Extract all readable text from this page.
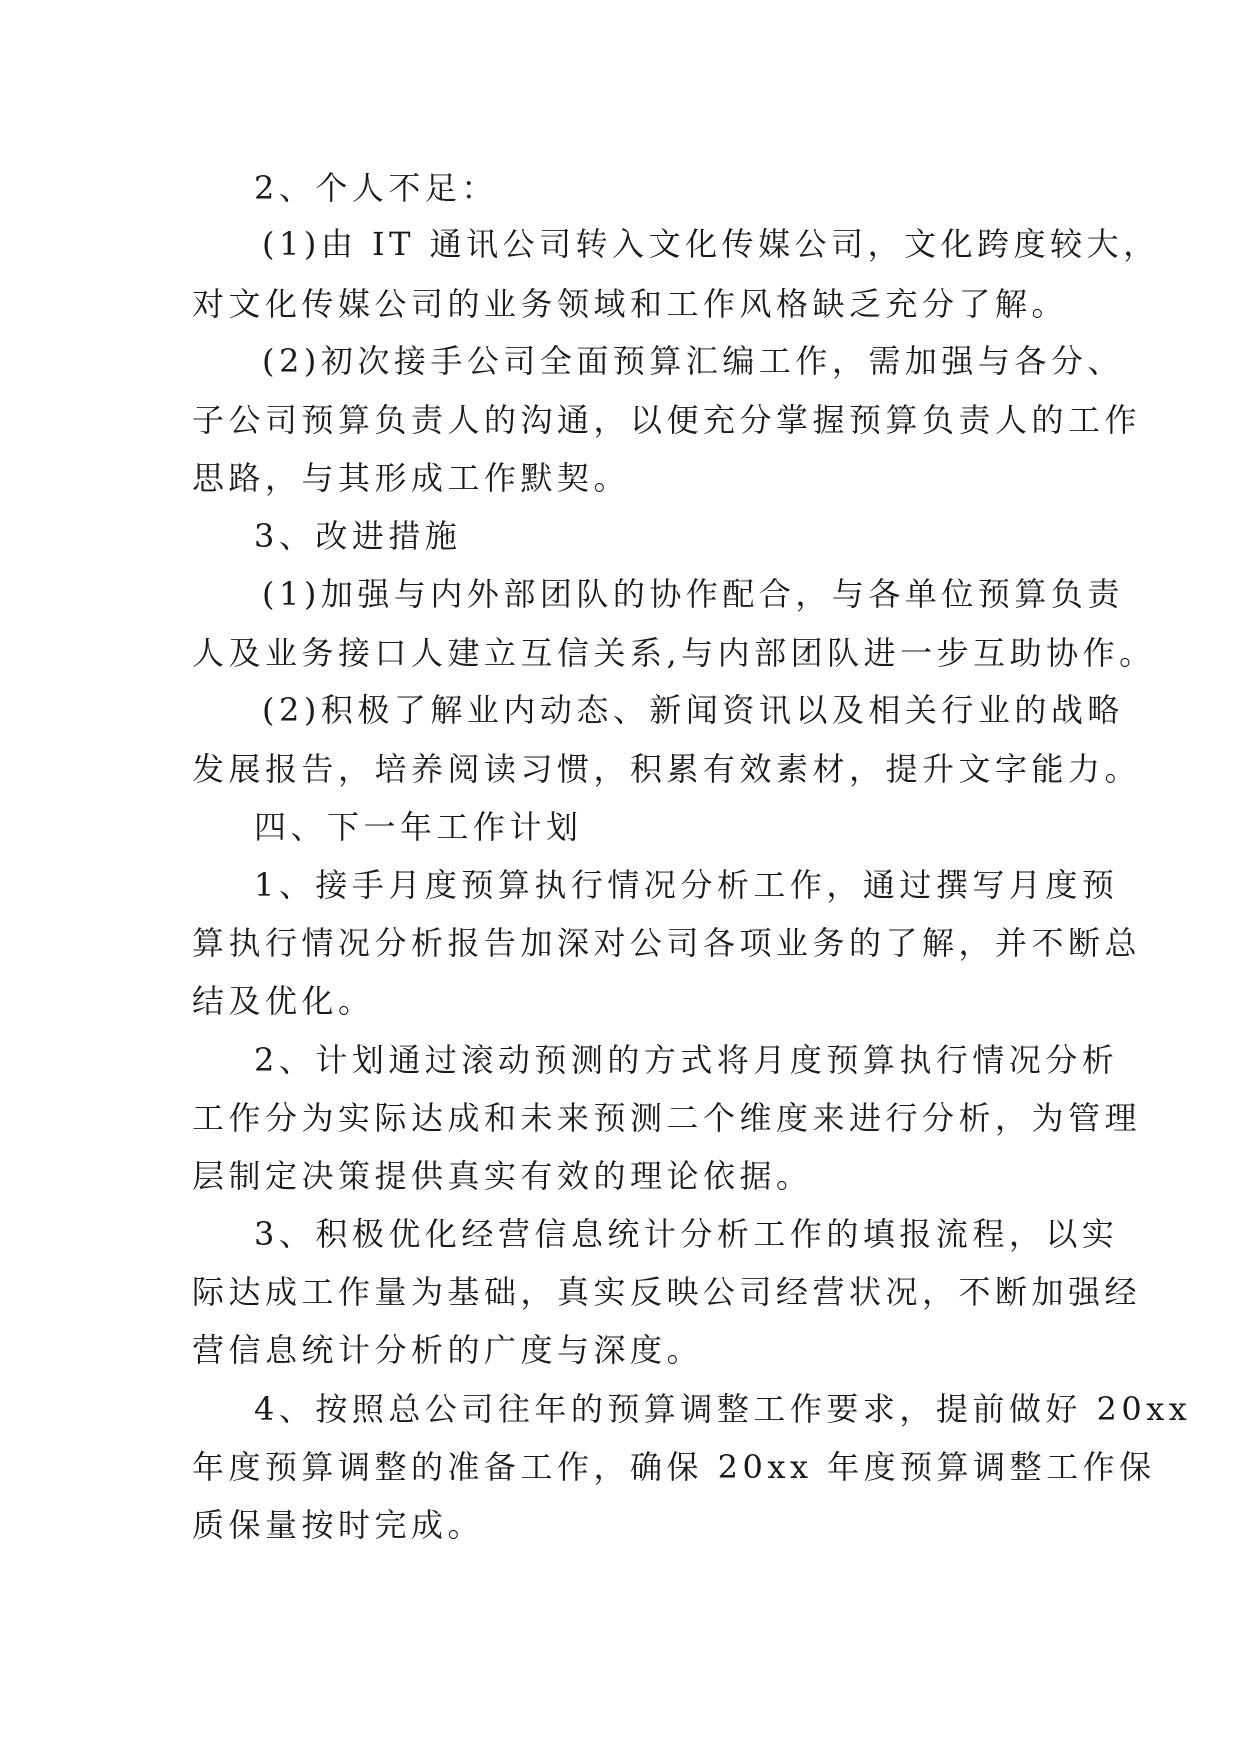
2、个人不足：
(1)由 IT 通讯公司转入文化传媒公司，文化跨度较大，
对文化传媒公司的业务领域和工作风格缺乏充分了解。
(2)初次接手公司全面预算汇编工作，需加强与各分、
子公司预算负责人的沟通，以便充分掌握预算负责人的工作
思路，与其形成工作默契。
3、改进措施
(1)加强与内外部团队的协作配合，与各单位预算负责
人及业务接口人建立互信关系,与内部团队进一步互助协作。
(2)积极了解业内动态、新闻资讯以及相关行业的战略
发展报告，培养阅读习惯，积累有效素材，提升文字能力。
四、下一年工作计划
1、接手月度预算执行情况分析工作，通过撰写月度预
算执行情况分析报告加深对公司各项业务的了解，并不断总
结及优化。
2、计划通过滚动预测的方式将月度预算执行情况分析
工作分为实际达成和未来预测二个维度来进行分析，为管理
层制定决策提供真实有效的理论依据。
3、积极优化经营信息统计分析工作的填报流程，以实
际达成工作量为基础，真实反映公司经营状况，不断加强经
营信息统计分析的广度与深度。
4、按照总公司往年的预算调整工作要求，提前做好 20xx
年度预算调整的准备工作，确保 20xx 年度预算调整工作保
质保量按时完成。
